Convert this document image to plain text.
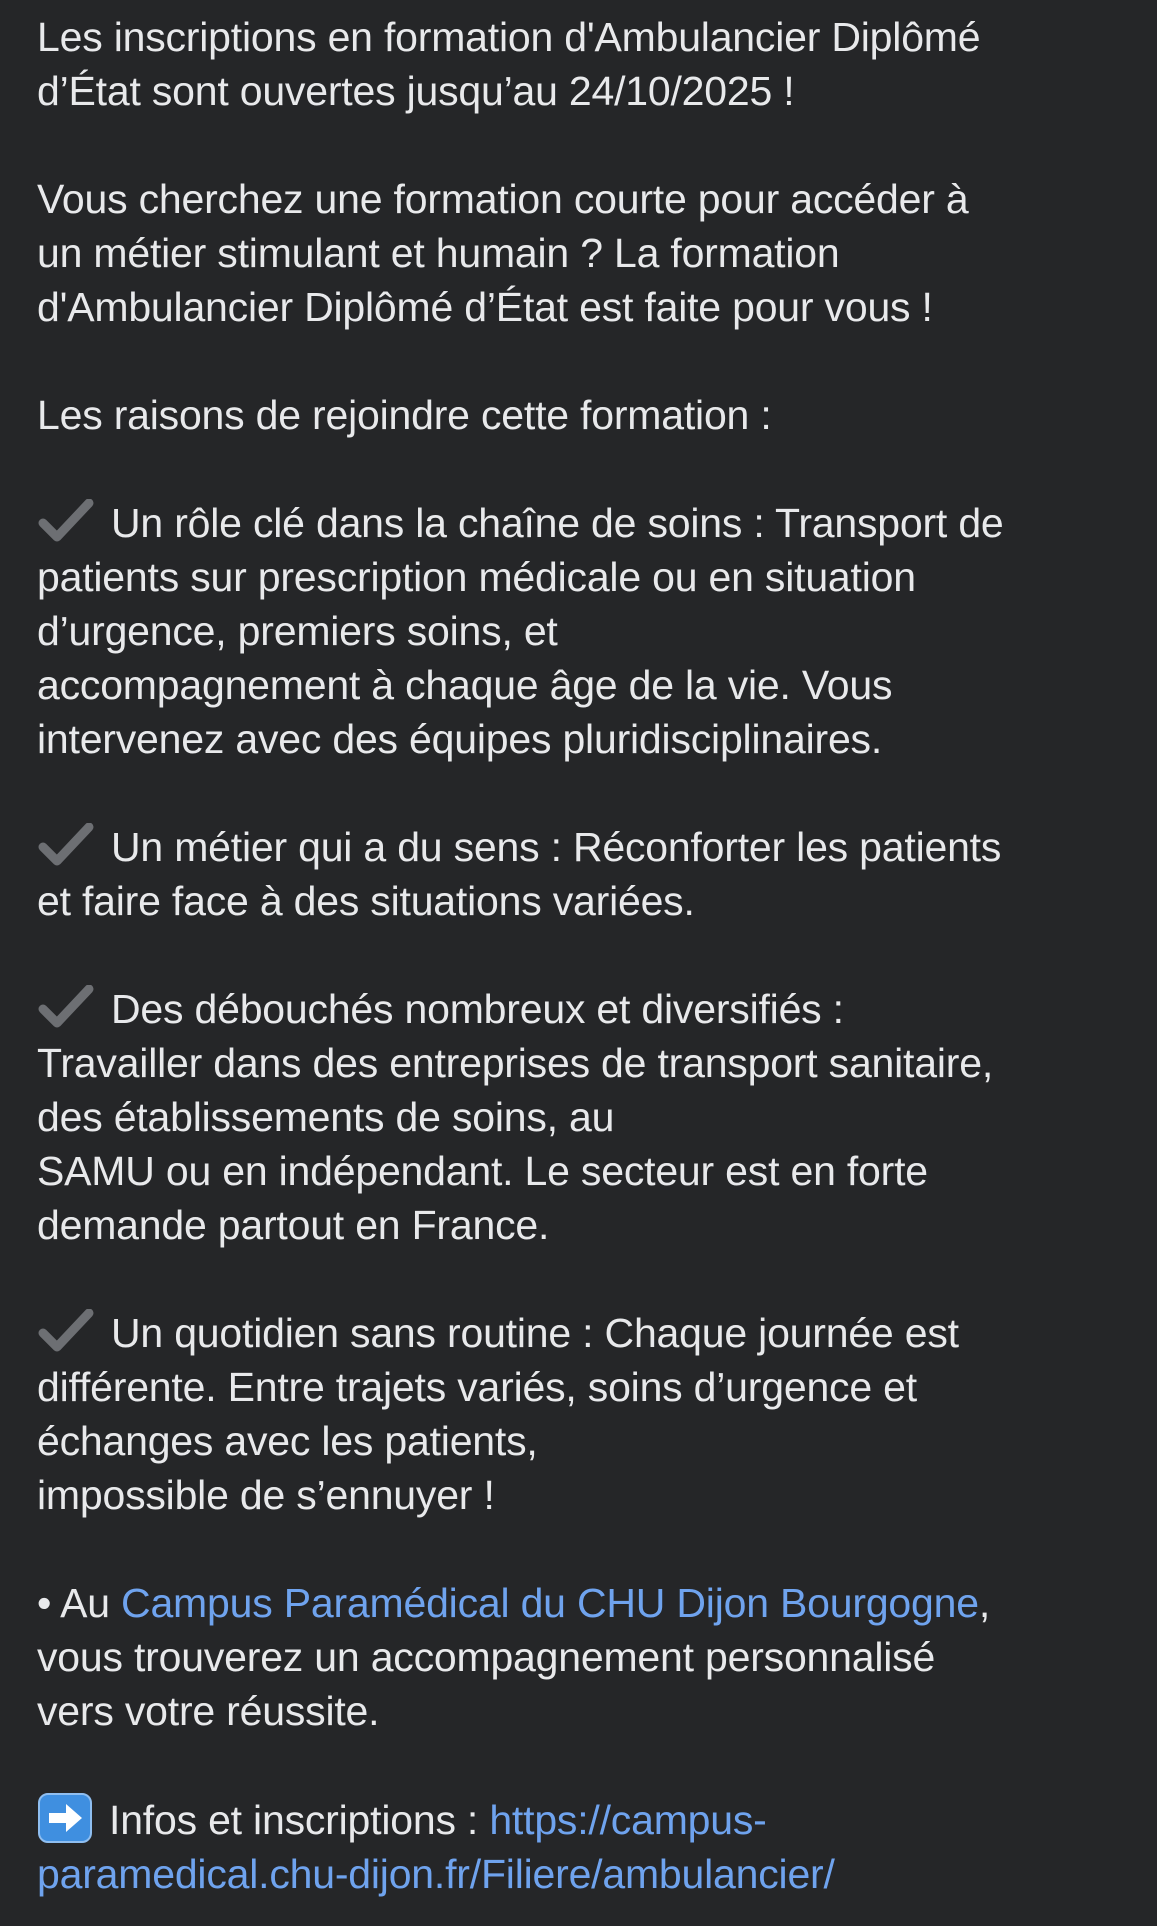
Les inscriptions en formation d'Ambulancier Diplômé
d’État sont ouvertes jusqu’au 24/10/2025 !

Vous cherchez une formation courte pour accéder à
un métier stimulant et humain ? La formation
d'Ambulancier Diplômé d’État est faite pour vous !

Les raisons de rejoindre cette formation :

Un rôle clé dans la chaîne de soins : Transport de
patients sur prescription médicale ou en situation
d’urgence, premiers soins, et
accompagnement à chaque âge de la vie. Vous
intervenez avec des équipes pluridisciplinaires.

Un métier qui a du sens : Réconforter les patients
et faire face à des situations variées.

Des débouchés nombreux et diversifiés :
Travailler dans des entreprises de transport sanitaire,
des établissements de soins, au
SAMU ou en indépendant. Le secteur est en forte
demande partout en France.

Un quotidien sans routine : Chaque journée est
différente. Entre trajets variés, soins d’urgence et
échanges avec les patients,
impossible de s’ennuyer !

• Au Campus Paramédical du CHU Dijon Bourgogne,
vous trouverez un accompagnement personnalisé
vers votre réussite.

Infos et inscriptions : https://campus-
paramedical.chu-dijon.fr/Filiere/ambulancier/
